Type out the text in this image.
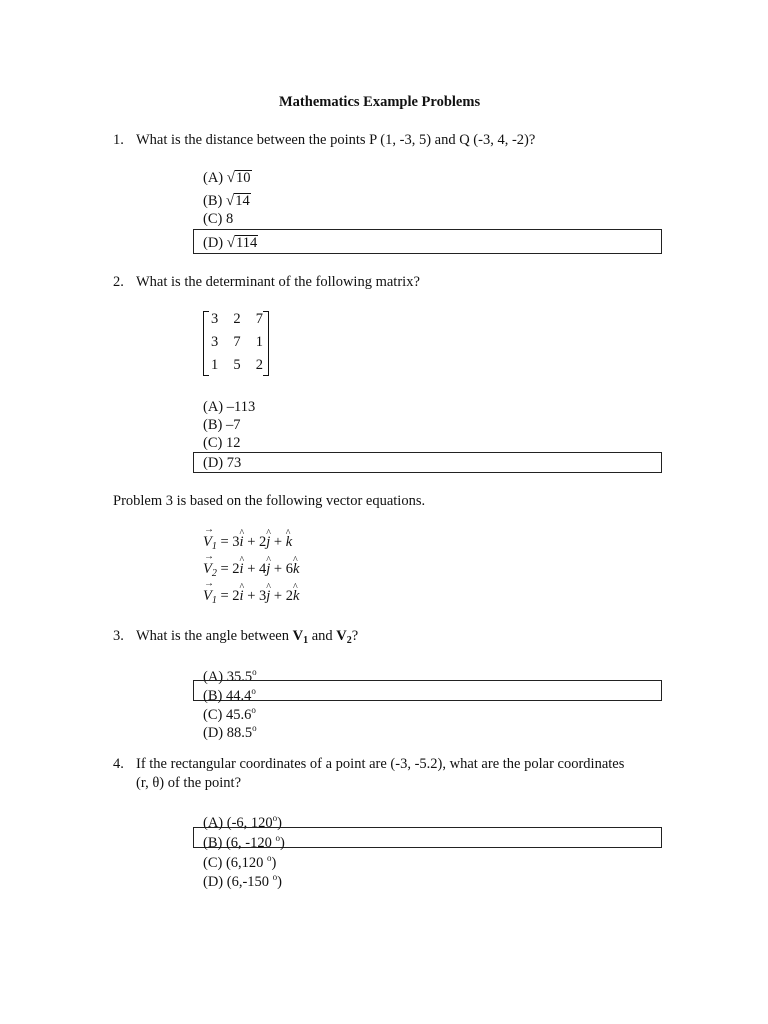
Mathematics Example Problems
1. What is the distance between the points P (1, -3, 5) and Q (-3, 4, -2)?
(A) √10
(B) √14
(C) 8
(D) √114
2. What is the determinant of the following matrix?
3 2 7
3 7 1
1 5 2
(A) –113
(B) –7
(C) 12
(D) 73
Problem 3 is based on the following vector equations.
→ $V_1$ = 3^ i + 2^ j + ^ k
→ $V_2$ = 2^ i + 4^ j + 6^ k
→ $V_1$ = 2^ i + 3^ j + 2^ k
3. What is the angle between $V_1$ and $V_2$?
(A) 35.5$^o$
(B) 44.4$^o$
(C) 45.6$^o$
(D) 88.5$^o$
4. If the rectangular coordinates of a point are (-3, -5.2), what are the polar coordinates
(r, θ) of the point?
(A) (-6, 120$^o$)
(B) (6, -120 $^o$)
(C) (6,120 $^o$)
(D) (6,-150 $^o$)
